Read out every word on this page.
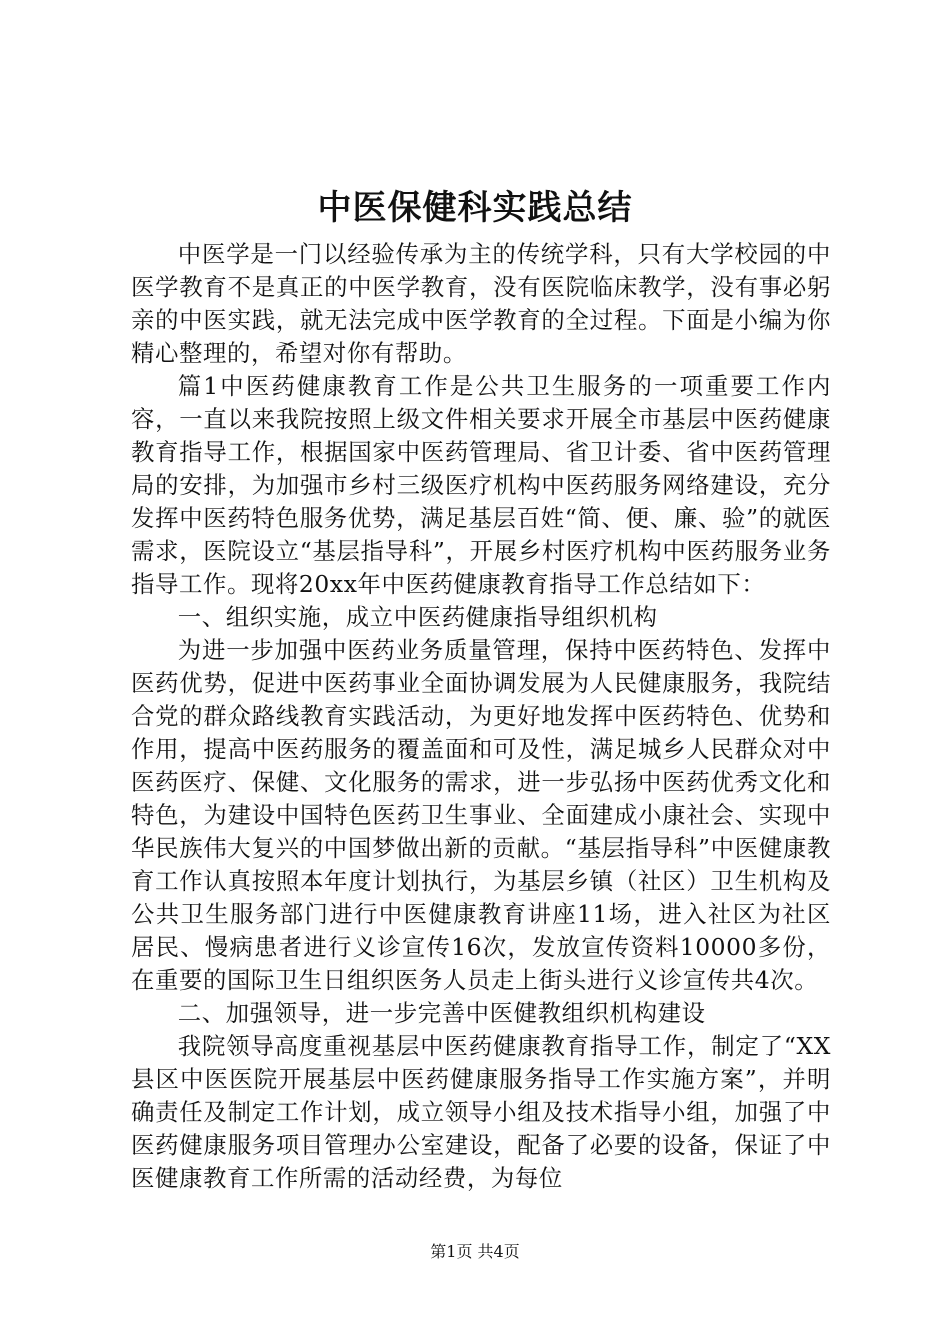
中医保健科实践总结

中医学是一门以经验传承为主的传统学科，只有大学校园的中医学教育不是真正的中医学教育，没有医院临床教学，没有事必躬亲的中医实践，就无法完成中医学教育的全过程。下面是小编为你精心整理的，希望对你有帮助。

篇1中医药健康教育工作是公共卫生服务的一项重要工作内容，一直以来我院按照上级文件相关要求开展全市基层中医药健康教育指导工作，根据国家中医药管理局、省卫计委、省中医药管理局的安排，为加强市乡村三级医疗机构中医药服务网络建设，充分发挥中医药特色服务优势，满足基层百姓“简、便、廉、验”的就医需求，医院设立“基层指导科”，开展乡村医疗机构中医药服务业务指导工作。现将20xx年中医药健康教育指导工作总结如下：

一、组织实施，成立中医药健康指导组织机构

为进一步加强中医药业务质量管理，保持中医药特色、发挥中医药优势，促进中医药事业全面协调发展为人民健康服务，我院结合党的群众路线教育实践活动，为更好地发挥中医药特色、优势和作用，提高中医药服务的覆盖面和可及性，满足城乡人民群众对中医药医疗、保健、文化服务的需求，进一步弘扬中医药优秀文化和特色，为建设中国特色医药卫生事业、全面建成小康社会、实现中华民族伟大复兴的中国梦做出新的贡献。“基层指导科”中医健康教育工作认真按照本年度计划执行，为基层乡镇（社区）卫生机构及公共卫生服务部门进行中医健康教育讲座11场，进入社区为社区居民、慢病患者进行义诊宣传16次，发放宣传资料10000多份，在重要的国际卫生日组织医务人员走上街头进行义诊宣传共4次。

二、加强领导，进一步完善中医健教组织机构建设

我院领导高度重视基层中医药健康教育指导工作，制定了“XX县区中医医院开展基层中医药健康服务指导工作实施方案”，并明确责任及制定工作计划，成立领导小组及技术指导小组，加强了中医药健康服务项目管理办公室建设，配备了必要的设备，保证了中医健康教育工作所需的活动经费，为每位

第1页 共4页
